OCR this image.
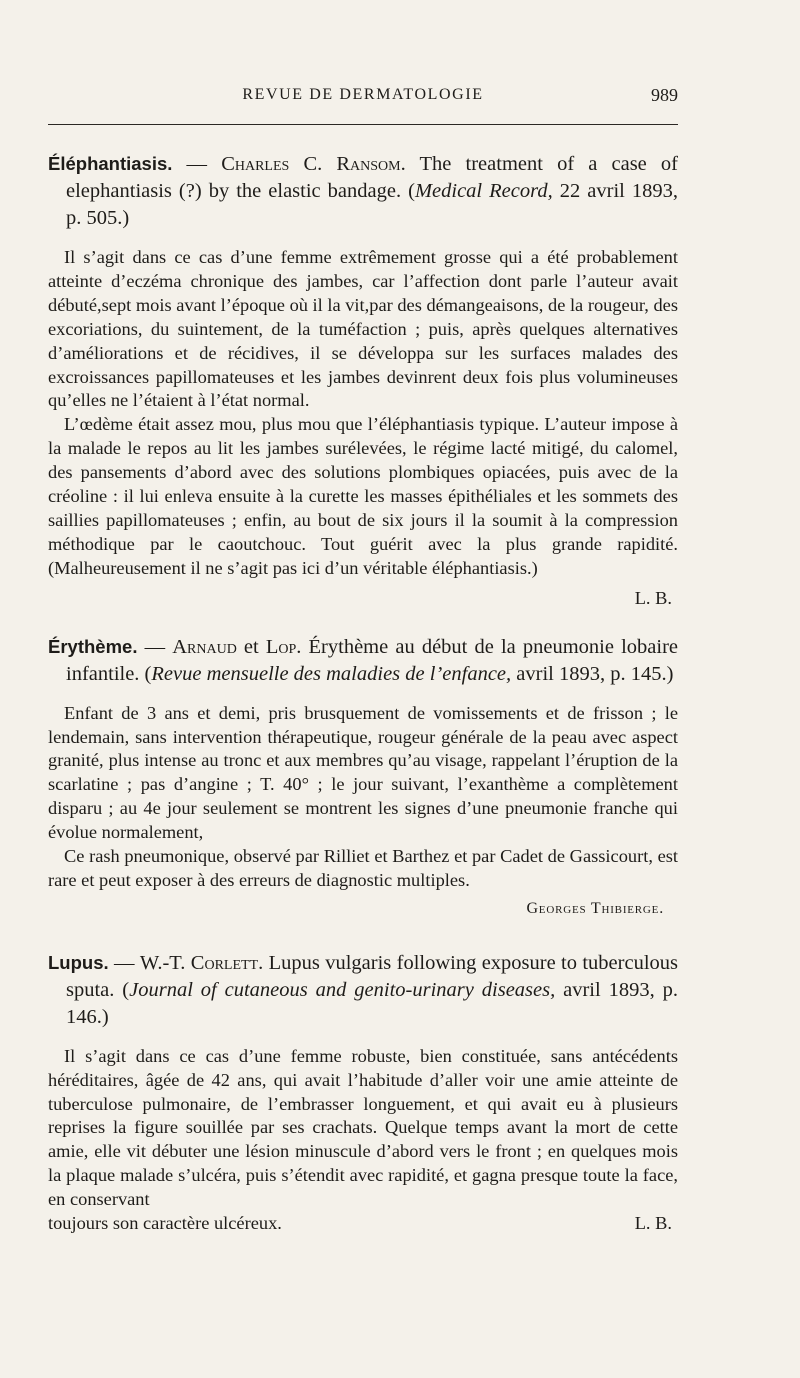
REVUE DE DERMATOLOGIE	989

Éléphantiasis. — Charles C. Ransom. The treatment of a case of elephantiasis (?) by the elastic bandage. (Medical Record, 22 avril 1893, p. 505.)

Il s’agit dans ce cas d’une femme extrêmement grosse qui a été probablement atteinte d’eczéma chronique des jambes, car l’affection dont parle l’auteur avait débuté,sept mois avant l’époque où il la vit,par des démangeaisons, de la rougeur, des excoriations, du suintement, de la tuméfaction ; puis, après quelques alternatives d’améliorations et de récidives, il se développa sur les surfaces malades des excroissances papillomateuses et les jambes devinrent deux fois plus volumineuses qu’elles ne l’étaient à l’état normal.

L’œdème était assez mou, plus mou que l’éléphantiasis typique. L’auteur impose à la malade le repos au lit les jambes surélevées, le régime lacté mitigé, du calomel, des pansements d’abord avec des solutions plombiques opiacées, puis avec de la créoline : il lui enleva ensuite à la curette les masses épithéliales et les sommets des saillies papillomateuses ; enfin, au bout de six jours il la soumit à la compression méthodique par le caoutchouc. Tout guérit avec la plus grande rapidité. (Malheureusement il ne s’agit pas ici d’un véritable éléphantiasis.)

L. B.

Érythème. — Arnaud et Lop. Érythème au début de la pneumonie lobaire infantile. (Revue mensuelle des maladies de l’enfance, avril 1893, p. 145.)

Enfant de 3 ans et demi, pris brusquement de vomissements et de frisson ; le lendemain, sans intervention thérapeutique, rougeur générale de la peau avec aspect granité, plus intense au tronc et aux membres qu’au visage, rappelant l’éruption de la scarlatine ; pas d’angine ; T. 40° ; le jour suivant, l’exanthème a complètement disparu ; au 4e jour seulement se montrent les signes d’une pneumonie franche qui évolue normalement,

Ce rash pneumonique, observé par Rilliet et Barthez et par Cadet de Gassicourt, est rare et peut exposer à des erreurs de diagnostic multiples.

Georges Thibierge.

Lupus. — W.-T. Corlett. Lupus vulgaris following exposure to tuberculous sputa. (Journal of cutaneous and genito-urinary diseases, avril 1893, p. 146.)

Il s’agit dans ce cas d’une femme robuste, bien constituée, sans antécédents héréditaires, âgée de 42 ans, qui avait l’habitude d’aller voir une amie atteinte de tuberculose pulmonaire, de l’embrasser longuement, et qui avait eu à plusieurs reprises la figure souillée par ses crachats. Quelque temps avant la mort de cette amie, elle vit débuter une lésion minuscule d’abord vers le front ; en quelques mois la plaque malade s’ulcéra, puis s’étendit avec rapidité, et gagna presque toute la face, en conservant

toujours son caractère ulcéreux.	L. B.
